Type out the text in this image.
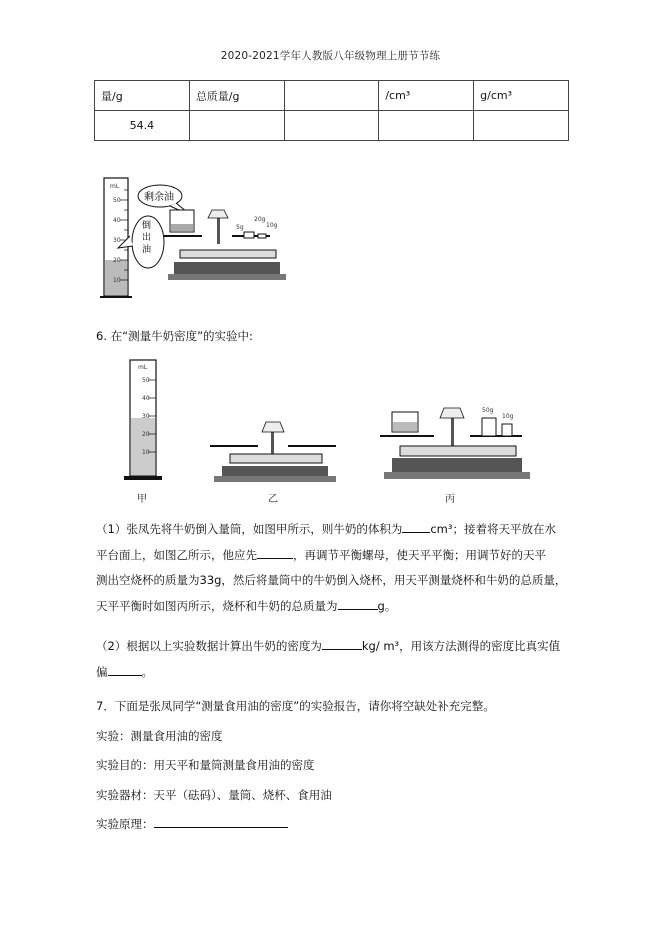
2020-2021学年人教版八年级物理上册节节练
量/g	总质量/g		/cm³	g/cm³
54.4				
mL
50
40
30
20
10
剩余油
倒
出
油
20g
5g	10g
6. 在“测量牛奶密度”的实验中:
mL
50
40
30
20
10
甲	乙
50g
10g
丙

（1）张凤先将牛奶倒入量筒，如图甲所示，则牛奶的体积为 cm³；接着将天平放在水

平台面上，如图乙所示，他应先	，再调节平衡螺母，使天平平衡；用调节好的天平

测出空烧杯的质量为33g，然后将量筒中的牛奶倒入烧杯，用天平测量烧杯和牛奶的总质量，

天平平衡时如图丙所示，烧杯和牛奶的总质量为	g。

（2）根据以上实验数据计算出牛奶的密度为	kg/ m³，用该方法测得的密度比真实值

偏	。

7．下面是张凤同学“测量食用油的密度”的实验报告，请你将空缺处补充完整。

实验：测量食用油的密度

实验目的：用天平和量筒测量食用油的密度

实验器材：天平（砝码）、量筒、烧杯、食用油

实验原理：
